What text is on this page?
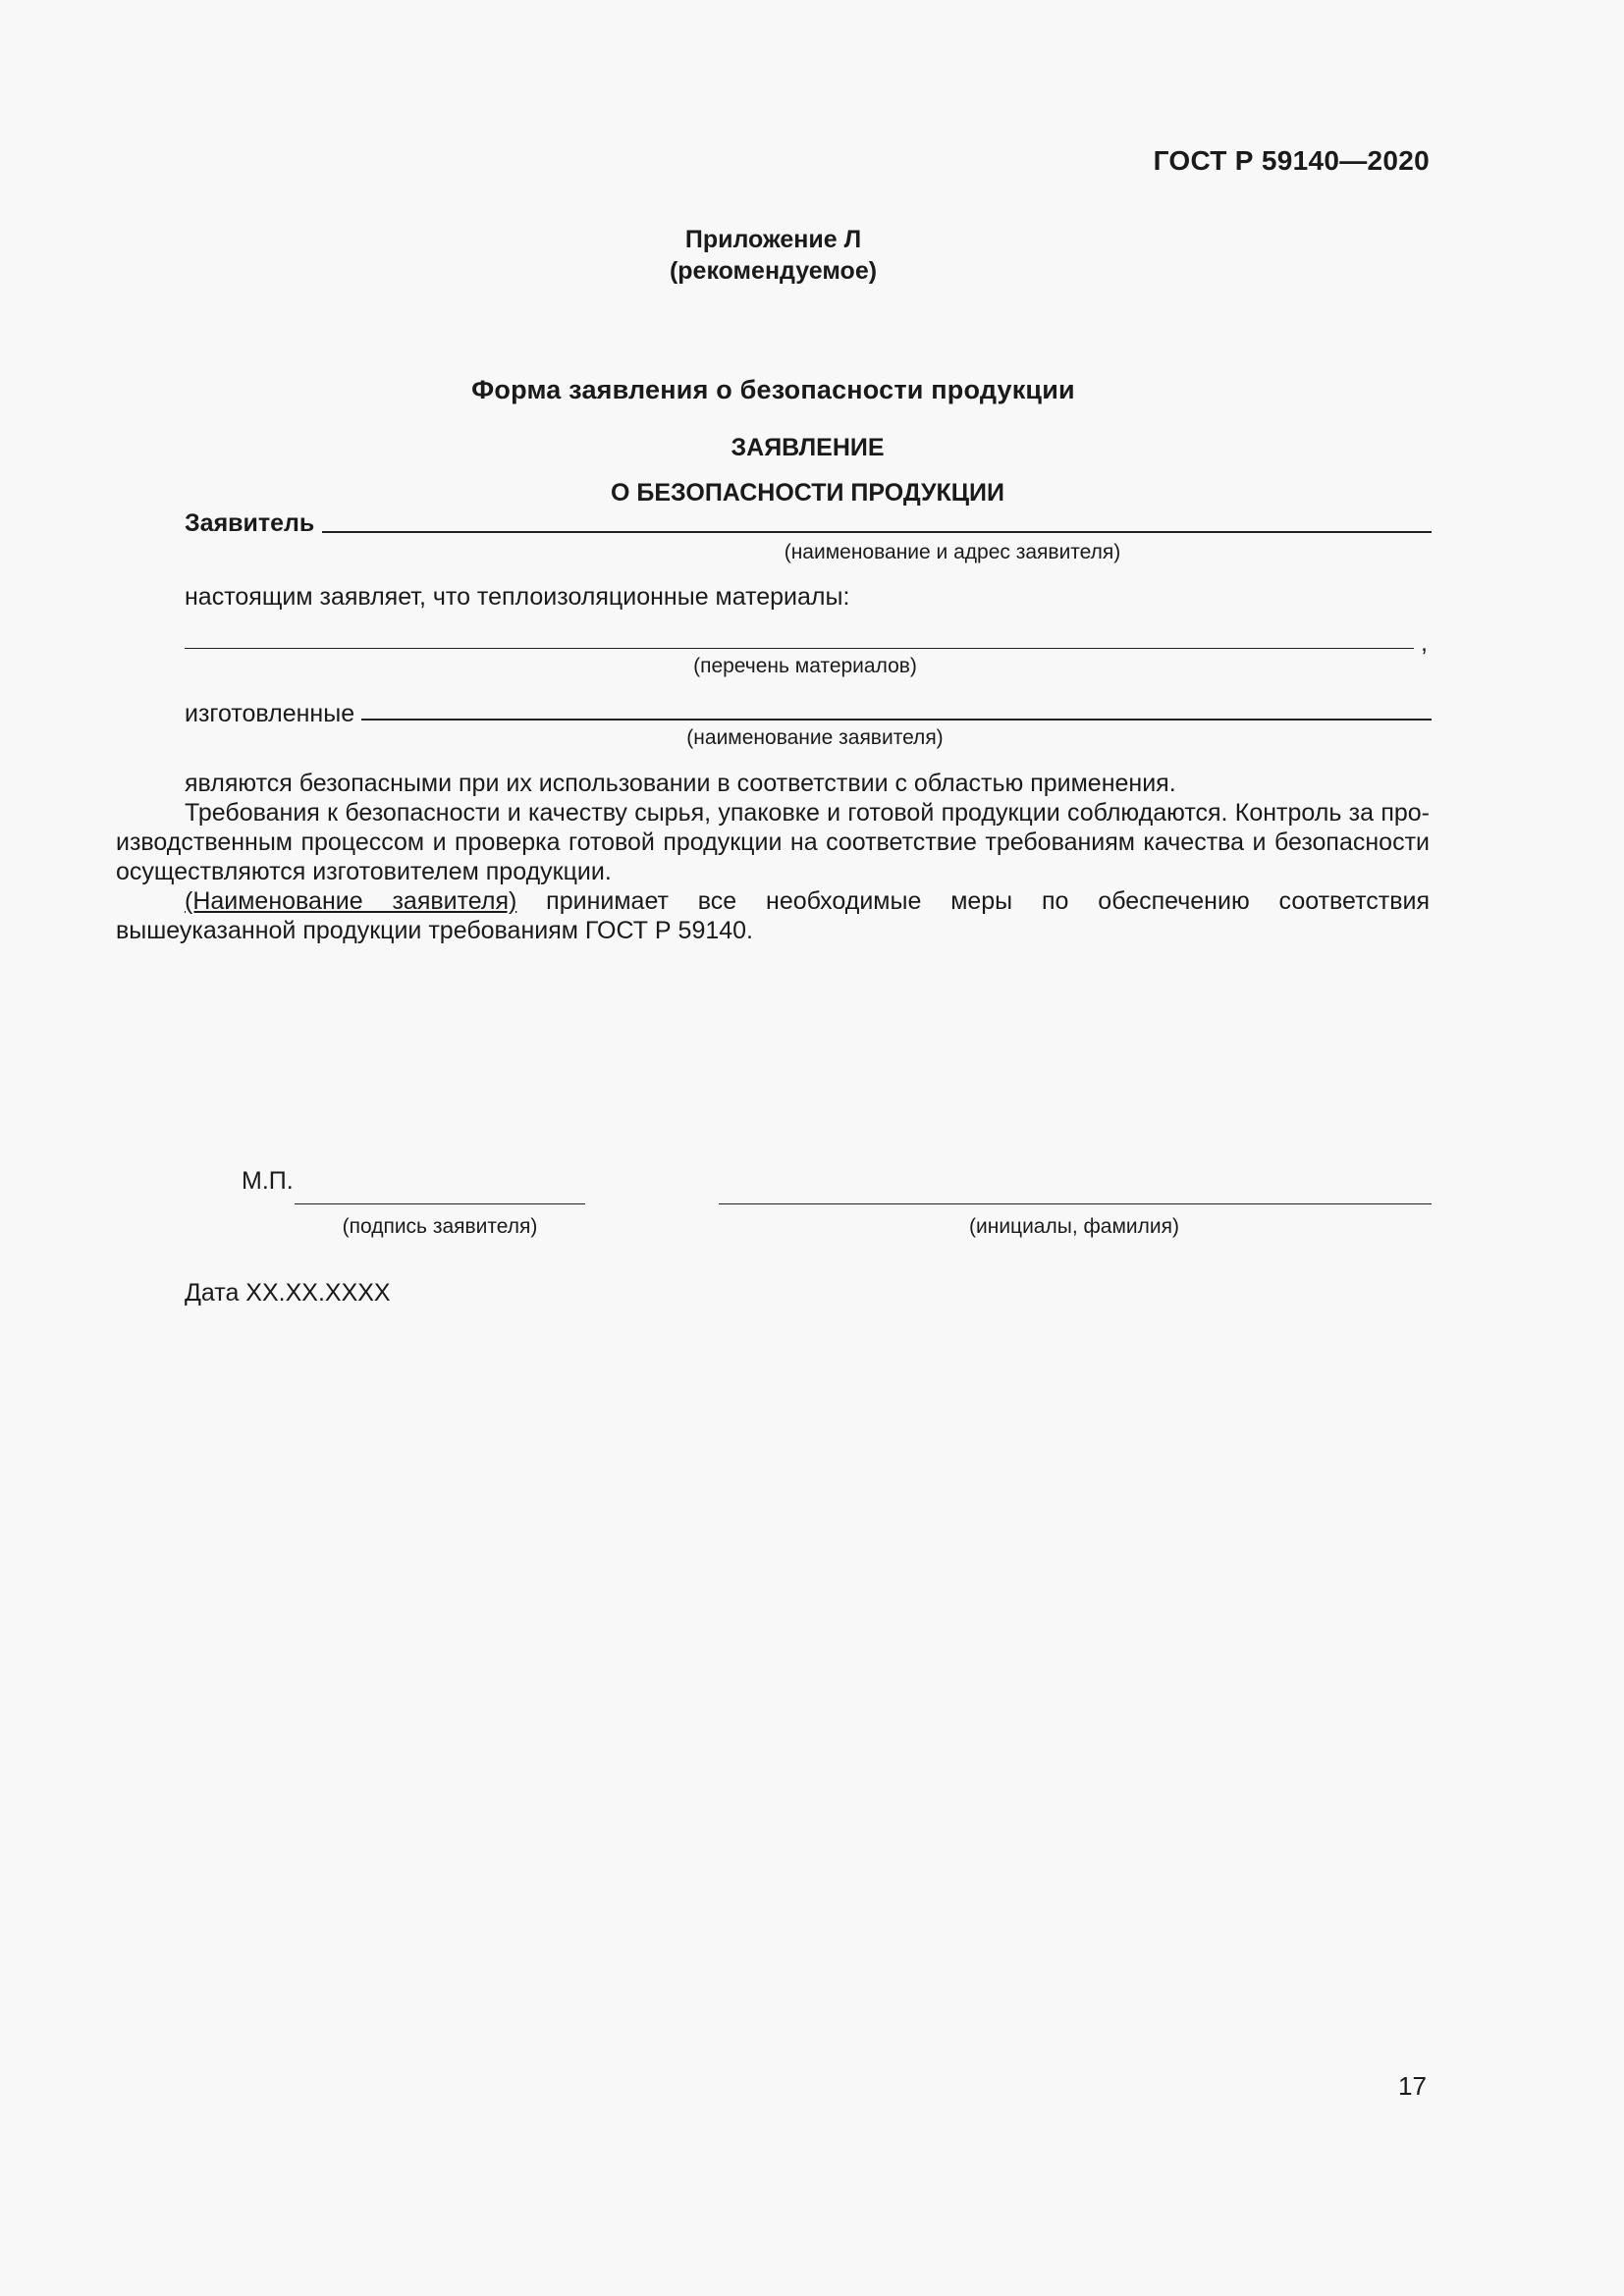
ГОСТ Р 59140—2020
Приложение Л
(рекомендуемое)
Форма заявления о безопасности продукции
ЗАЯВЛЕНИЕ
О БЕЗОПАСНОСТИ ПРОДУКЦИИ
Заявитель
(наименование и адрес заявителя)
настоящим заявляет, что теплоизоляционные материалы:
,
(перечень материалов)
изготовленные
(наименование заявителя)
являются безопасными при их использовании в соответствии с областью применения.
Требования к безопасности и качеству сырья, упаковке и готовой продукции соблюдаются. Контроль за производственным процессом и проверка готовой продукции на соответствие требованиям качества и безопасности осуществляются изготовителем продукции.
(Наименование заявителя) принимает все необходимые меры по обеспечению соответствия вышеуказанной продукции требованиям ГОСТ Р 59140.
М.П.
(подпись заявителя)	(инициалы, фамилия)
Дата XX.XX.XXXX
17
